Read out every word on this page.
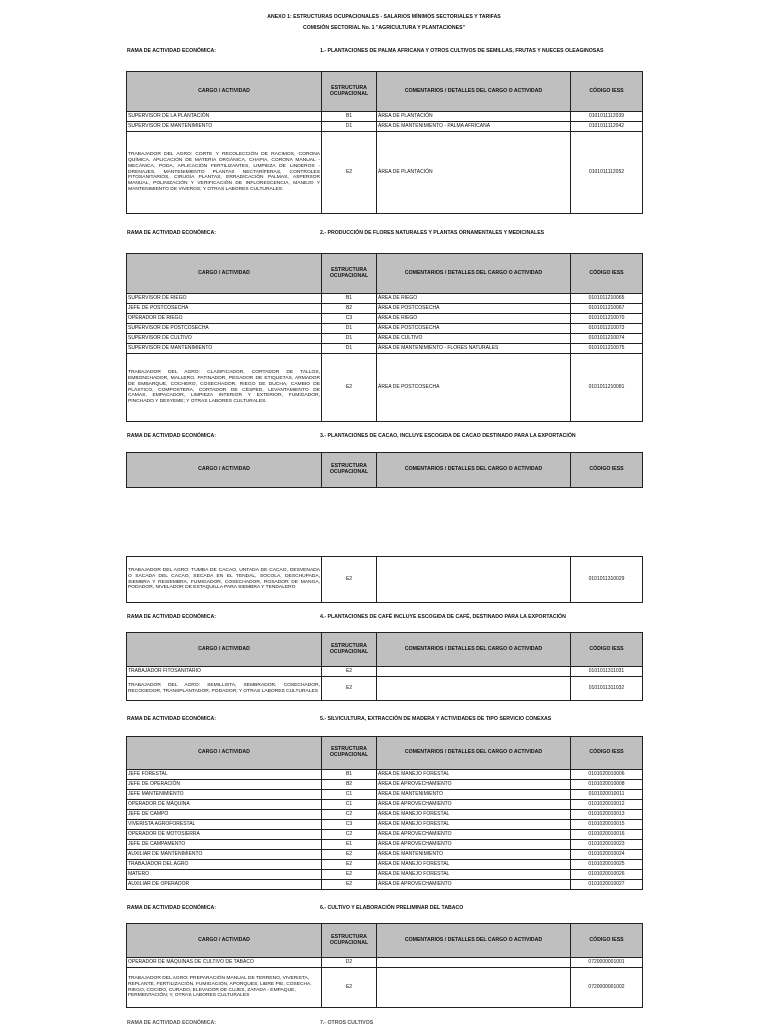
ANEXO 1: ESTRUCTURAS OCUPACIONALES - SALARIOS MÍNIMOS SECTORIALES Y TARIFAS
COMISIÓN SECTORIAL No. 1 "AGRICULTURA Y PLANTACIONES"
RAMA DE ACTIVIDAD ECONÓMICA:	1.- PLANTACIONES DE PALMA AFRICANA Y OTROS CULTIVOS DE SEMILLAS, FRUTAS Y NUECES OLEAGINOSAS
CARGO / ACTIVIDAD	ESTRUCTURA OCUPACIONAL	COMENTARIOS / DETALLES DEL CARGO O ACTIVIDAD	CÓDIGO IESS
SUPERVISOR DE LA PLANTACIÓN	B1	ÁREA DE PLANTACIÓN	0101011112039
SUPERVISOR DE MANTENIMIENTO	D1	ÁREA DE MANTENIMIENTO - PALMA AFRICANA	0101011112042
TRABAJADOR DEL AGRO: CORTE Y RECOLECCIÓN DE RACIMOS, CORONA QUÍMICA, APLICACIÓN DE MATERIA ORGÁNICA, CHAPIA, CORONA MANUAL - MECÁNICA, PODA, APLICACIÓN FERTILIZANTES, LIMPIEZA DE LINDEROS - DRENAJES, MANTENIMIENTO PLANTAS NECTARÍFERAS, CONTROLES FITOSANITARIOS, CIRUGÍA PLANTAS, ERRADICACIÓN PALMAS, ASPERSOR MANUAL, POLINIZACIÓN Y VERIFICACIÓN DE INFLORESCENCIA, MANEJO Y MANTENIMIENTO DE VIVEROS; Y OTRAS LABORES CULTURALES.	E2	ÁREA DE PLANTACIÓN	0101011112052
RAMA DE ACTIVIDAD ECONÓMICA:	2.- PRODUCCIÓN DE FLORES NATURALES Y PLANTAS ORNAMENTALES Y MEDICINALES
CARGO / ACTIVIDAD	ESTRUCTURA OCUPACIONAL	COMENTARIOS / DETALLES DEL CARGO O ACTIVIDAD	CÓDIGO IESS
SUPERVISOR DE RIEGO	B1	ÁREA DE RIEGO	0101011210065
JEFE DE POSTCOSECHA	B2	ÁREA DE POSTCOSECHA	0101011210067
OPERADOR DE RIEGO	C3	ÁREA DE RIEGO	0101011210070
SUPERVISOR DE POSTCOSECHA	D1	ÁREA DE POSTCOSECHA	0101011210073
SUPERVISOR DE CULTIVO	D1	ÁREA DE CULTIVO	0101011210074
SUPERVISOR DE MANTENIMIENTO	D1	ÁREA DE MANTENIMIENTO - FLORES NATURALES	0101011210075
TRABAJADOR DEL AGRO: CLASIFICADOR, CORTADOR DE TALLOS, EMBONCHADOR, MALLERO, PATINADOR, PEGADOR DE ETIQUETAS, ARMADOR DE EMBARQUE, COCHERO, COSECHADOR, RIEGO DE DUCHA, CAMBIO DE PLÁSTICO, COMPOSTERA, CORTADOR DE CÉSPED, LEVANTAMIENTO DE CAMAS, EMPACADOR, LIMPIEZA INTERIOR Y EXTERIOR, FUMIGADOR, PINCHADO Y DESYEME; Y OTRAS LABORES CULTURALES.	E2	ÁREA DE POSTCOSECHA	0101011210081
RAMA DE ACTIVIDAD ECONÓMICA:	3.- PLANTACIONES DE CACAO, INCLUYE ESCOGIDA DE CACAO DESTINADO PARA LA EXPORTACIÓN
CARGO / ACTIVIDAD	ESTRUCTURA OCUPACIONAL	COMENTARIOS / DETALLES DEL CARGO O ACTIVIDAD	CÓDIGO IESS
TRABAJADOR DEL AGRO: TUMBA DE CACAO, UNTADA DE CACAO, DESVENADA O SACADA DEL CACAO, SECADA EN EL TENDAL, SOCOLA, DESCHUPADA, SIEMBRA Y RESIEMBRA, FUMIGADOR, COSECHADOR, ROSADOR DE MANGA, PODADOR, NIVELADOR DE ESTAQUILLA PARA SIEMBRA Y TENDALERO	E2		0101011310029
RAMA DE ACTIVIDAD ECONÓMICA:	4.- PLANTACIONES DE CAFÉ INCLUYE ESCOGIDA DE CAFÉ, DESTINADO PARA LA EXPORTACIÓN
CARGO / ACTIVIDAD	ESTRUCTURA OCUPACIONAL	COMENTARIOS / DETALLES DEL CARGO O ACTIVIDAD	CÓDIGO IESS
TRABAJADOR FITOSANITARIO	E2		0101011311031
TRABAJADOR DEL AGRO: SEMILLISTA, SEMBRADOR, COSECHADOR, RECOGEDOR, TRANSPLANTADOR, PODADOR; Y OTRAS LABORES CULTURALES	E2		0101011311032
RAMA DE ACTIVIDAD ECONÓMICA:	5.- SILVICULTURA, EXTRACCIÓN DE MADERA Y ACTIVIDADES DE TIPO SERVICIO CONEXAS
CARGO / ACTIVIDAD	ESTRUCTURA OCUPACIONAL	COMENTARIOS / DETALLES DEL CARGO O ACTIVIDAD	CÓDIGO IESS
JEFE FORESTAL	B1	ÁREA DE MANEJO FORESTAL	0101020010006
JEFE DE OPERACIÓN	B2	ÁREA DE APROVECHAMIENTO	0101020010008
JEFE MANTENIMIENTO	C1	ÁREA DE MANTENIMIENTO	0101020010011
OPERADOR DE MÁQUINA	C1	ÁREA DE APROVECHAMIENTO	0101020010012
JEFE DE CAMPO	C2	ÁREA DE MANEJO FORESTAL	0101020010013
VIVERISTA AGROFORESTAL	C3	ÁREA DE MANEJO FORESTAL	0101020010015
OPERADOR DE MOTOSIERRA	C2	ÁREA DE APROVECHAMIENTO	0101020010016
JEFE DE CAMPAMENTO	E1	ÁREA DE APROVECHAMIENTO	0101020010023
AUXILIAR DE MANTENIMIENTO	E2	ÁREA DE MANTENIMIENTO	0101020010024
TRABAJADOR DEL AGRO	E2	ÁREA DE MANEJO FORESTAL	0101020010025
MATERO	E2	ÁREA DE MANEJO FORESTAL	0101020010026
AUXILIAR DE OPERADOR	E2	ÁREA DE APROVECHAMIENTO	0101020010027
RAMA DE ACTIVIDAD ECONÓMICA:	6.- CULTIVO Y ELABORACIÓN PRELIMINAR DEL TABACO
CARGO / ACTIVIDAD	ESTRUCTURA OCUPACIONAL	COMENTARIOS / DETALLES DEL CARGO O ACTIVIDAD	CÓDIGO IESS
OPERADOR DE MÁQUINAS DE CULTIVO DE TABACO	D2		0720000001001
TRABAJADOR DEL AGRO: PREPARACIÓN MANUAL DE TERRENO, VIVERISTA, REPLANTE, FERTILIZACIÓN, FUMIGACIÓN, APORQUES, LIBRE PIE, COSECHA, RIEGO, COCIDO, CURADO, ELEVADOR DE CUJES, ZAFADA - EMPAQUE, FERMENTACIÓN; Y, OTRAS LABORES CULTURALES	E2		0720000001002
RAMA DE ACTIVIDAD ECONÓMICA:	7.- OTROS CULTIVOS
